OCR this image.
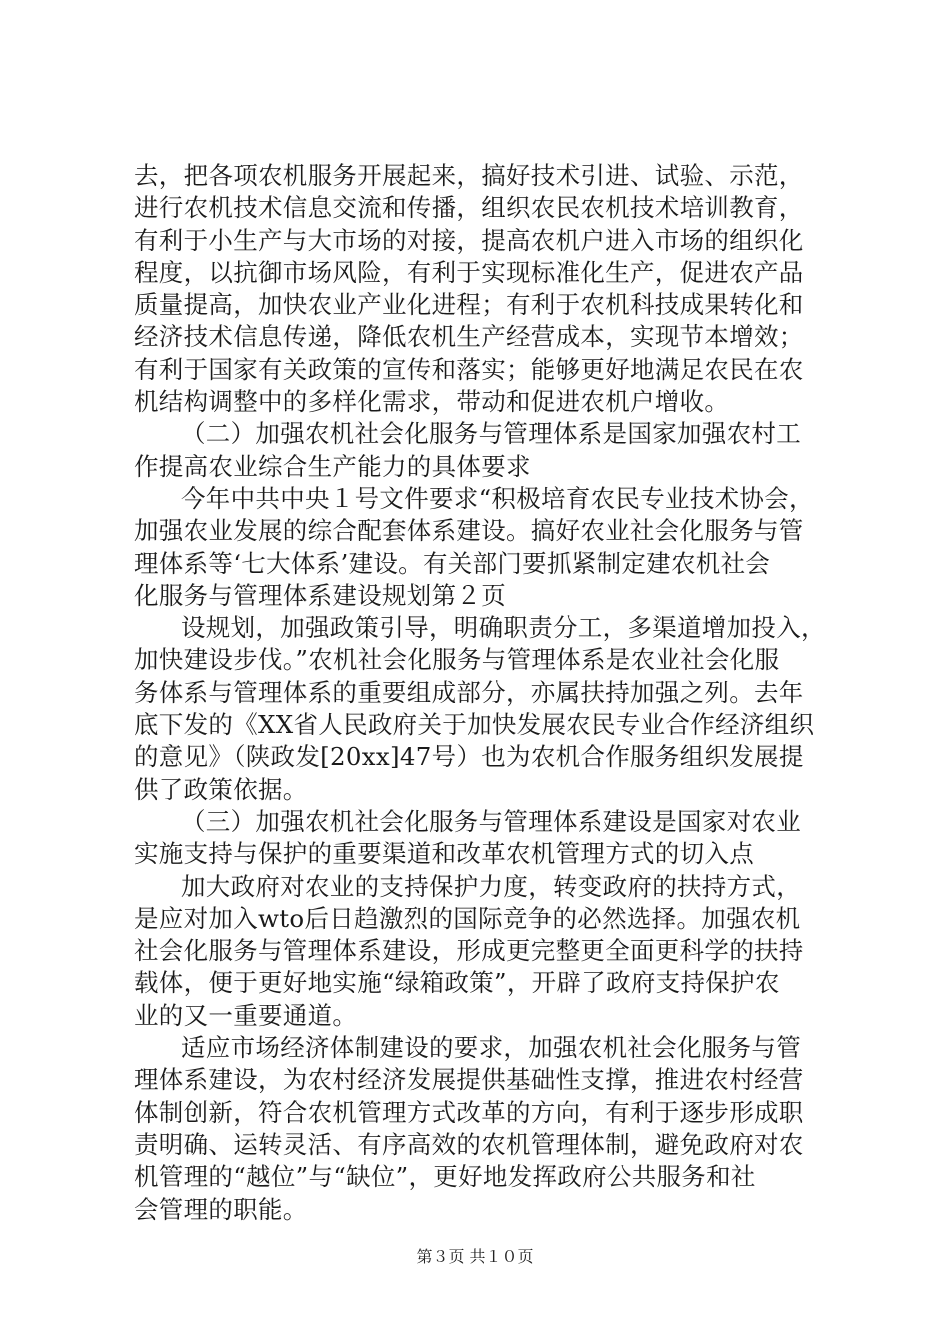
去，把各项农机服务开展起来，搞好技术引进、试验、示范，
进行农机技术信息交流和传播，组织农民农机技术培训教育，
有利于小生产与大市场的对接，提高农机户进入市场的组织化
程度，以抗御市场风险，有利于实现标准化生产，促进农产品
质量提高，加快农业产业化进程；有利于农机科技成果转化和
经济技术信息传递，降低农机生产经营成本，实现节本增效；
有利于国家有关政策的宣传和落实；能够更好地满足农民在农
机结构调整中的多样化需求，带动和促进农机户增收。
（二）加强农机社会化服务与管理体系是国家加强农村工
作提高农业综合生产能力的具体要求
今年中共中央１号文件要求“积极培育农民专业技术协会，
加强农业发展的综合配套体系建设。搞好农业社会化服务与管
理体系等‘七大体系’建设。有关部门要抓紧制定建农机社会
化服务与管理体系建设规划第２页
设规划，加强政策引导，明确职责分工，多渠道增加投入，
加快建设步伐。”农机社会化服务与管理体系是农业社会化服
务体系与管理体系的重要组成部分，亦属扶持加强之列。去年
底下发的《XX省人民政府关于加快发展农民专业合作经济组织
的意见》（陕政发[20xx]47号）也为农机合作服务组织发展提
供了政策依据。
（三）加强农机社会化服务与管理体系建设是国家对农业
实施支持与保护的重要渠道和改革农机管理方式的切入点
加大政府对农业的支持保护力度，转变政府的扶持方式，
是应对加入wto后日趋激烈的国际竞争的必然选择。加强农机
社会化服务与管理体系建设，形成更完整更全面更科学的扶持
载体，便于更好地实施“绿箱政策”，开辟了政府支持保护农
业的又一重要通道。
适应市场经济体制建设的要求，加强农机社会化服务与管
理体系建设，为农村经济发展提供基础性支撑，推进农村经营
体制创新，符合农机管理方式改革的方向，有利于逐步形成职
责明确、运转灵活、有序高效的农机管理体制，避免政府对农
机管理的“越位”与“缺位”，更好地发挥政府公共服务和社
会管理的职能。
第３页 共１０页
